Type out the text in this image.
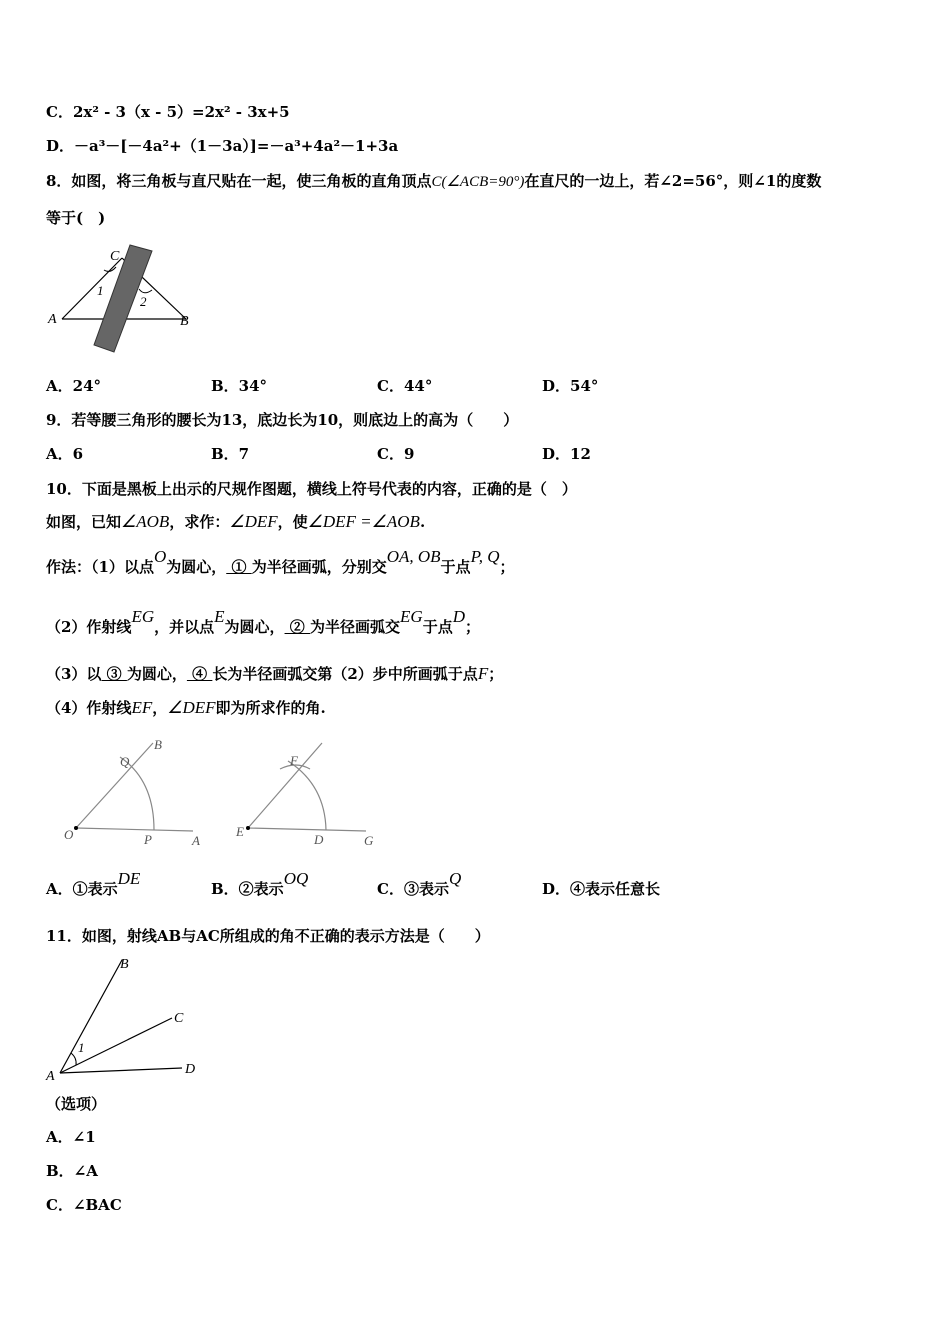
C．2x² - 3（x - 5）=2x² - 3x+5
D．－a³－[－4a²+（1－3a）]=－a³+4a²－1+3a
8．如图，将三角板与直尺贴在一起，使三角板的直角顶点C(∠ACB=90°)在直尺的一边上，若∠2=56°，则∠1的度数
等于(　)
A	B
C
1
2
A．24°	B．34°	C．44°	D．54°
9．若等腰三角形的腰长为13，底边长为10，则底边上的高为（　　）
A．6	B．7	C．9	D．12
10．下面是黑板上出示的尺规作图题，横线上符号代表的内容，正确的是（　）
如图，已知∠AOB，求作：∠DEF，使∠DEF =∠AOB.
作法：（1）以点O为圆心， ① 为半径画弧，分别交OA, OB于点P, Q；
（2）作射线EG，并以点E为圆心， ② 为半径画弧交EG于点D；
（3）以 ③ 为圆心， ④ 长为半径画弧交第（2）步中所画弧于点F；
（4）作射线EF，∠DEF即为所求作的角.
O	A
B
P
Q
E
D	G
F
A．①表示DE
B．②表示OQ
C．③表示Q
D．④表示任意长
11．如图，射线AB与AC所组成的角不正确的表示方法是（　　）
A
B
C
D
1
（选项）
A．∠1
B．∠A
C．∠BAC
